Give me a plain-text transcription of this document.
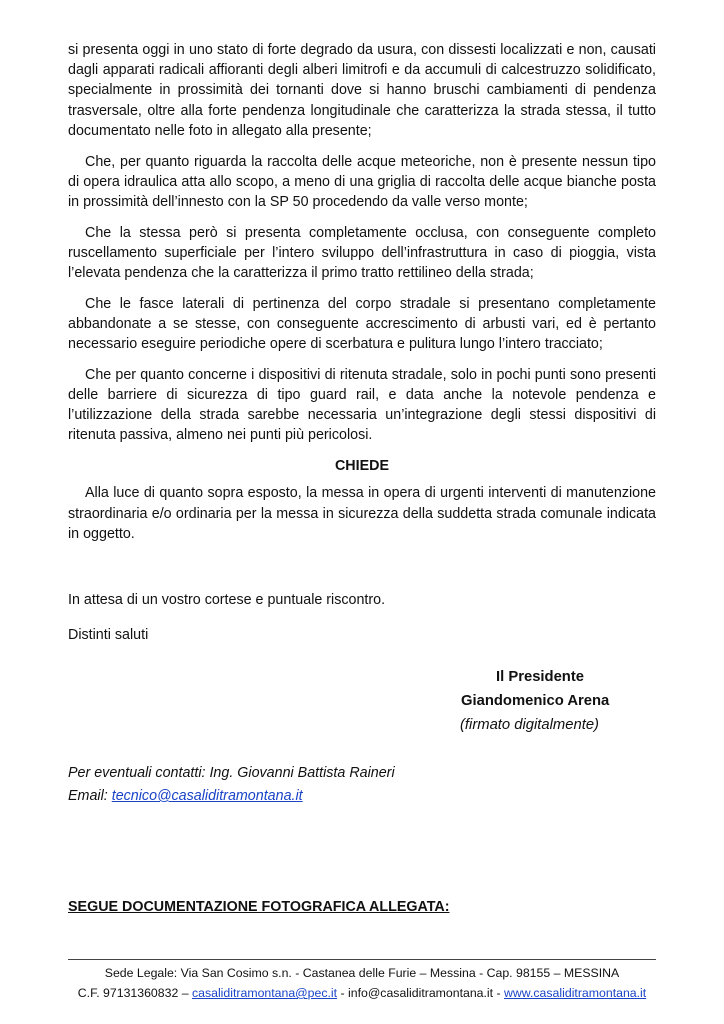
si presenta oggi in uno stato di forte degrado da usura, con dissesti localizzati e non, causati dagli apparati radicali affioranti degli alberi limitrofi e da accumuli di calcestruzzo solidificato, specialmente in prossimità dei tornanti dove si hanno bruschi cambiamenti di pendenza trasversale, oltre alla forte pendenza longitudinale che caratterizza la strada stessa, il tutto documentato nelle foto in allegato alla presente;

Che, per quanto riguarda la raccolta delle acque meteoriche, non è presente nessun tipo di opera idraulica atta allo scopo, a meno di una griglia di raccolta delle acque bianche posta in prossimità dell’innesto con la SP 50 procedendo da valle verso monte;

Che la stessa però si presenta completamente occlusa, con conseguente completo ruscellamento superficiale per l’intero sviluppo dell’infrastruttura in caso di pioggia, vista l’elevata pendenza che la caratterizza il primo tratto rettilineo della strada;

Che le fasce laterali di pertinenza del corpo stradale si presentano completamente abbandonate a se stesse, con conseguente accrescimento di arbusti vari, ed è pertanto necessario eseguire periodiche opere di scerbatura e pulitura lungo l’intero tracciato;

Che per quanto concerne i dispositivi di ritenuta stradale, solo in pochi punti sono presenti delle barriere di sicurezza di tipo guard rail, e data anche la notevole pendenza e l’utilizzazione della strada sarebbe necessaria un’integrazione degli stessi dispositivi di ritenuta passiva, almeno nei punti più pericolosi.

CHIEDE

Alla luce di quanto sopra esposto, la messa in opera di urgenti interventi di manutenzione straordinaria e/o ordinaria per la messa in sicurezza della suddetta strada comunale indicata in oggetto.

In attesa di un vostro cortese e puntuale riscontro.

Distinti saluti

Il Presidente

Giandomenico Arena

(firmato digitalmente)

Per eventuali contatti: Ing. Giovanni Battista Raineri

Email: tecnico@casaliditramontana.it

SEGUE DOCUMENTAZIONE FOTOGRAFICA ALLEGATA:

Sede Legale: Via San Cosimo s.n. - Castanea delle Furie – Messina - Cap. 98155 – MESSINA

C.F. 97131360832 – casaliditramontana@pec.it - info@casaliditramontana.it - www.casaliditramontana.it
